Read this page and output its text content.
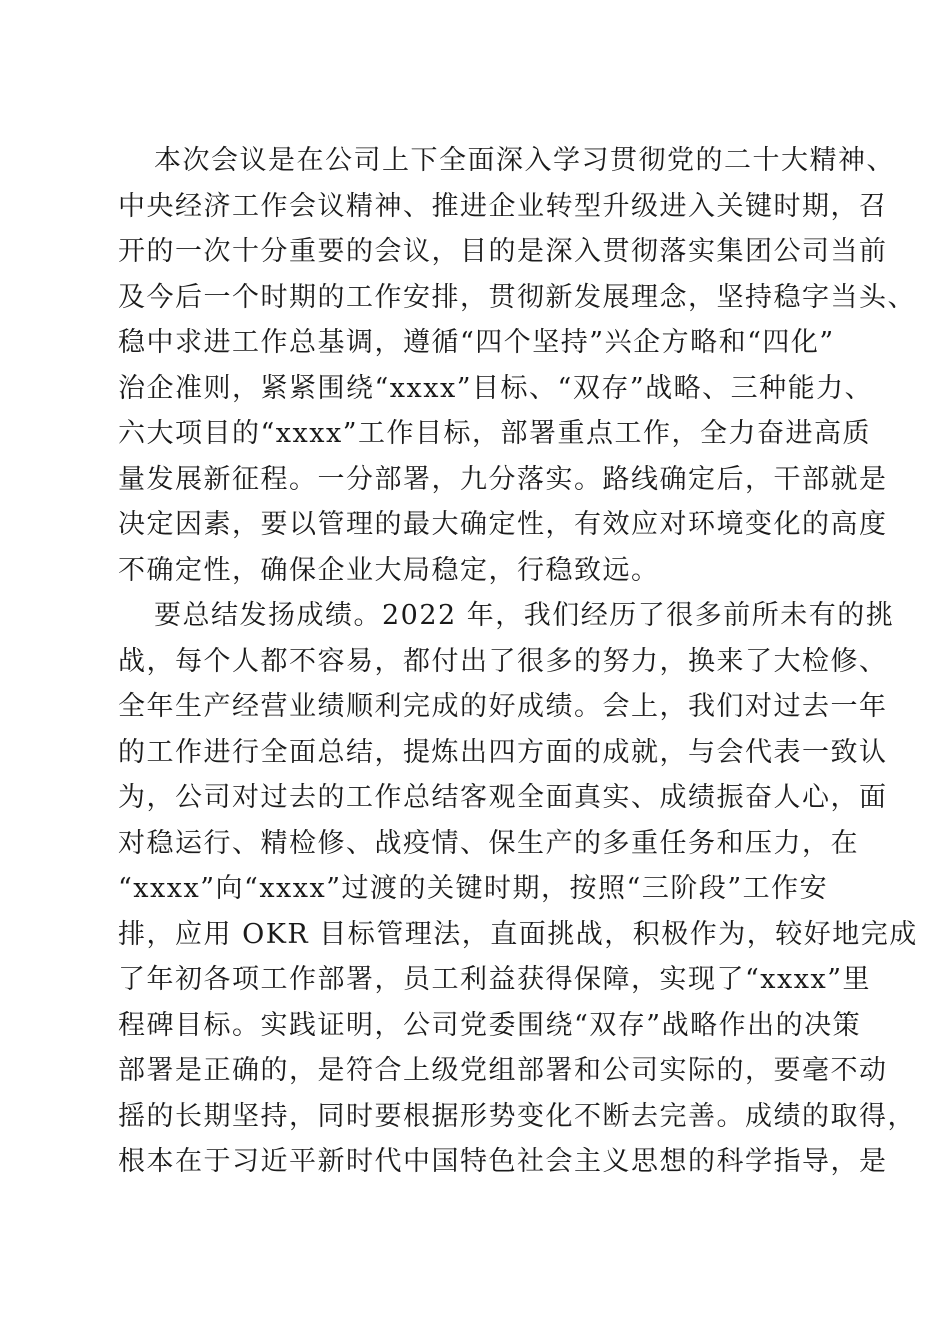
本次会议是在公司上下全面深入学习贯彻党的二十大精神、
中央经济工作会议精神、推进企业转型升级进入关键时期，召
开的一次十分重要的会议，目的是深入贯彻落实集团公司当前
及今后一个时期的工作安排，贯彻新发展理念，坚持稳字当头、
稳中求进工作总基调，遵循“四个坚持”兴企方略和“四化”
治企准则，紧紧围绕“xxxx”目标、“双存”战略、三种能力、
六大项目的“xxxx”工作目标，部署重点工作，全力奋进高质
量发展新征程。一分部署，九分落实。路线确定后，干部就是
决定因素，要以管理的最大确定性，有效应对环境变化的高度
不确定性，确保企业大局稳定，行稳致远。
要总结发扬成绩。2022 年，我们经历了很多前所未有的挑
战，每个人都不容易，都付出了很多的努力，换来了大检修、
全年生产经营业绩顺利完成的好成绩。会上，我们对过去一年
的工作进行全面总结，提炼出四方面的成就，与会代表一致认
为，公司对过去的工作总结客观全面真实、成绩振奋人心，面
对稳运行、精检修、战疫情、保生产的多重任务和压力，在
“xxxx”向“xxxx”过渡的关键时期，按照“三阶段”工作安
排，应用 OKR 目标管理法，直面挑战，积极作为，较好地完成
了年初各项工作部署，员工利益获得保障，实现了“xxxx”里
程碑目标。实践证明，公司党委围绕“双存”战略作出的决策
部署是正确的，是符合上级党组部署和公司实际的，要毫不动
摇的长期坚持，同时要根据形势变化不断去完善。成绩的取得，
根本在于习近平新时代中国特色社会主义思想的科学指导，是
